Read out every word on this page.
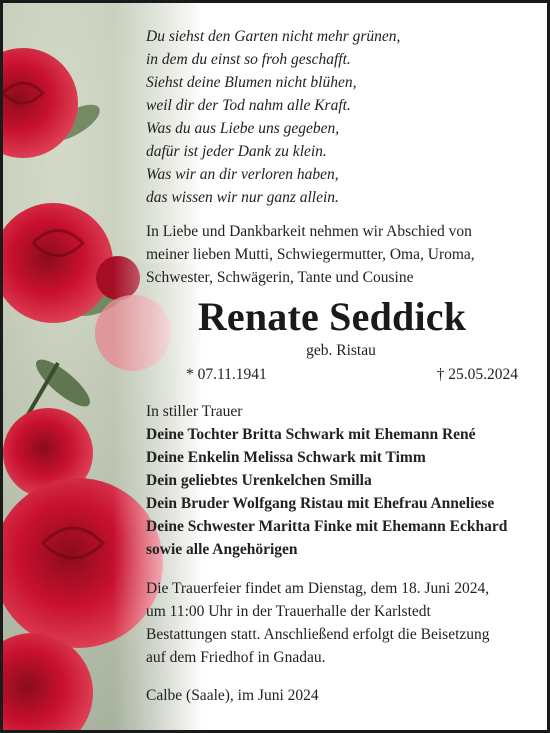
Du siehst den Garten nicht mehr grünen,
in dem du einst so froh geschafft.
Siehst deine Blumen nicht blühen,
weil dir der Tod nahm alle Kraft.
Was du aus Liebe uns gegeben,
dafür ist jeder Dank zu klein.
Was wir an dir verloren haben,
das wissen wir nur ganz allein.
In Liebe und Dankbarkeit nehmen wir Abschied von
meiner lieben Mutti, Schwiegermutter, Oma, Uroma,
Schwester, Schwägerin, Tante und Cousine
Renate Seddick
geb. Ristau
* 07.11.1941	† 25.05.2024
In stiller Trauer
Deine Tochter Britta Schwark mit Ehemann René
Deine Enkelin Melissa Schwark mit Timm
Dein geliebtes Urenkelchen Smilla
Dein Bruder Wolfgang Ristau mit Ehefrau Anneliese
Deine Schwester Maritta Finke mit Ehemann Eckhard
sowie alle Angehörigen
Die Trauerfeier findet am Dienstag, dem 18. Juni 2024,
um 11:00 Uhr in der Trauerhalle der Karlstedt
Bestattungen statt. Anschließend erfolgt die Beisetzung
auf dem Friedhof in Gnadau.
Calbe (Saale), im Juni 2024
